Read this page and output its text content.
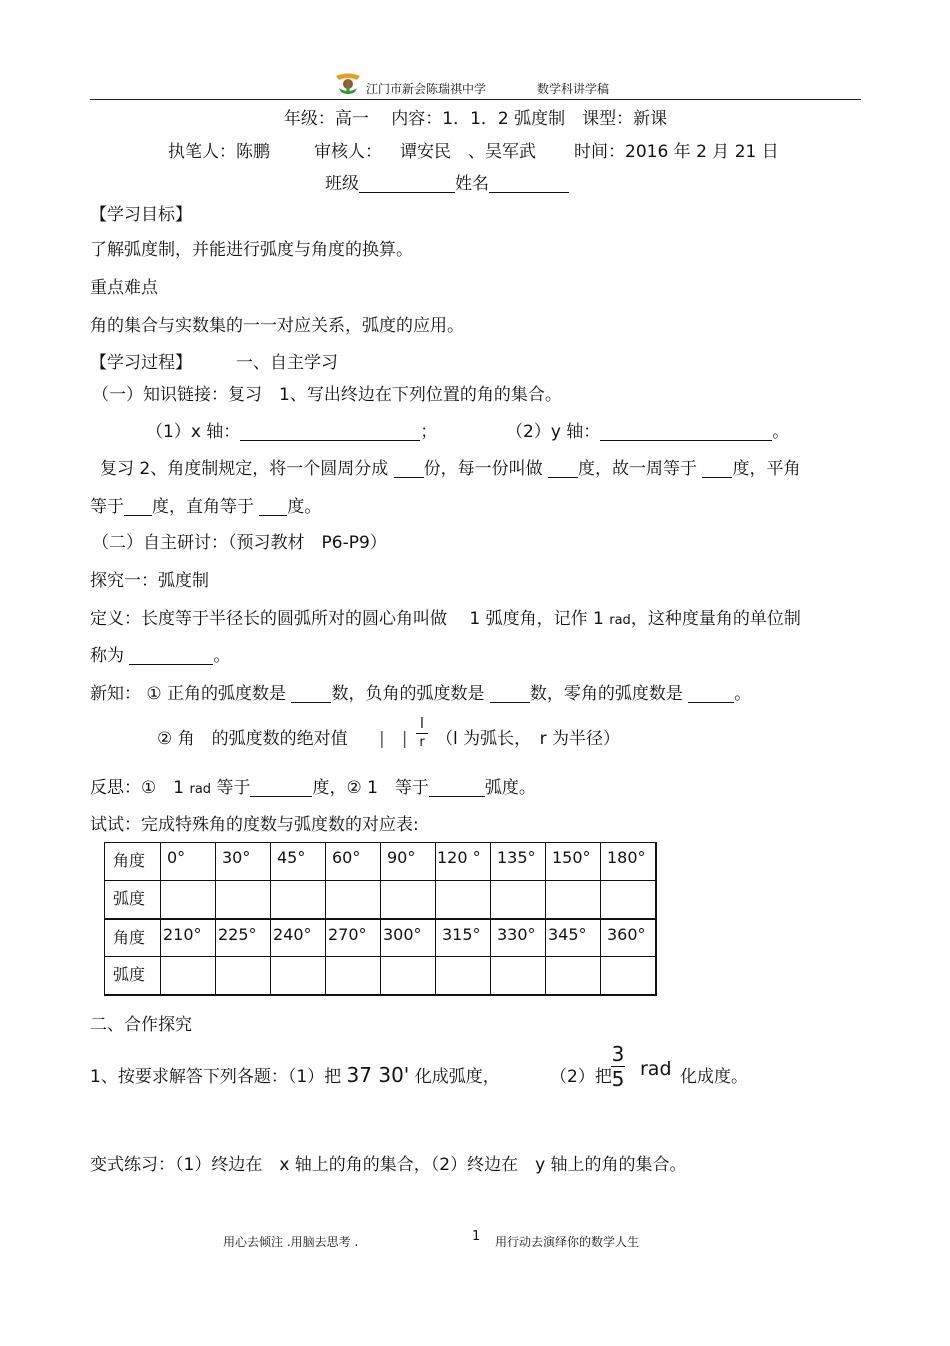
江门市新会陈瑞祺中学	数学科讲学稿
年级：高一　 内容：1．1．2 弧度制　课型：新课
执笔人：陈鹏	审核人： 谭安民　、吴军武 时间：2016 年 2 月 21 日
班级	姓名
【学习目标】
了解弧度制，并能进行弧度与角度的换算。
重点难点
角的集合与实数集的一一对应关系，弧度的应用。
【学习过程】	一、自主学习
（一）知识链接：复习　1、写出终边在下列位置的角的集合。
（1）x 轴：	；	（2）y 轴：	。
复习 2、角度制规定，将一个圆周分成 份，每一份叫做 度，故一周等于 度，平角
等于 度，直角等于 度。
（二）自主研讨：（预习教材　P6-P9）
探究一：弧度制
定义：长度等于半径长的圆弧所对的圆心角叫做　 1 弧度角，记作 1 rad，这种度量角的单位制
称为	。
新知： ① 正角的弧度数是	数，负角的弧度数是	数，零角的弧度数是	。
② 角　的弧度数的绝对值 |　|
l
r （l 为弧长，　r 为半径）
反思：①　1 rad 等于	度，② 1　等于	弧度。
试试：完成特殊角的度数与弧度数的对应表:
角度	0°	30°	45°	60°	90°	120 °	135°	150°	180°
弧度									
角度	210°	225°	240°	270°	300°	315°	330°	345°	360°
弧度									
二、合作探究
1、按要求解答下列各题：（1）把 37 30' 化成弧度，	（2）把
3
5 rad 化成度。
变式练习：（1）终边在　x 轴上的角的集合，（2）终边在　y 轴上的角的集合。
用心去倾注 .用脑去思考 .	1 用行动去演绎你的数学人生
